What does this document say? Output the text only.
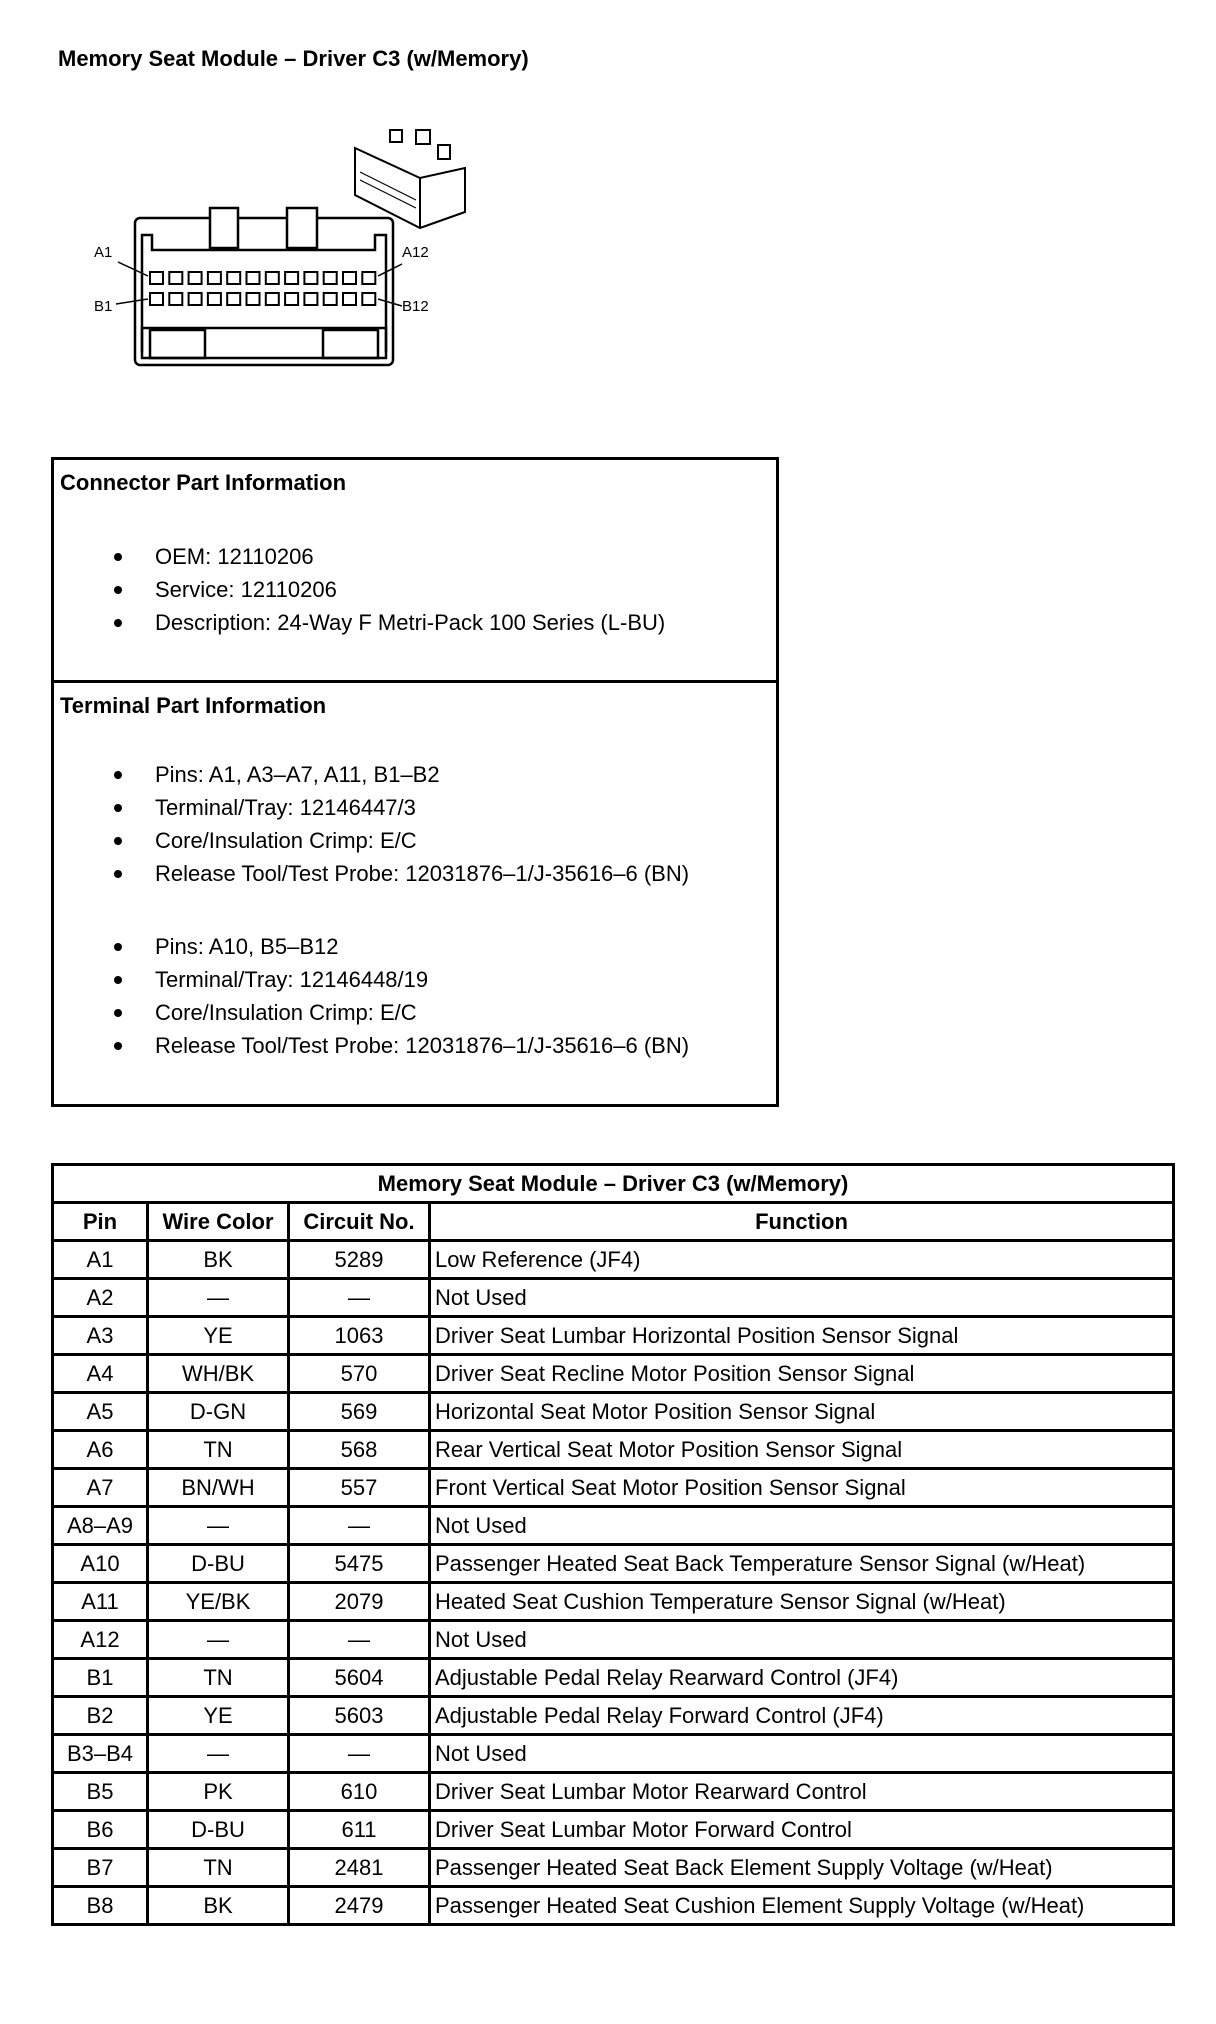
Memory Seat Module – Driver C3 (w/Memory)
A1
B1
A12
B12
Connector Part Information
OEM: 12110206
Service: 12110206
Description: 24-Way F Metri-Pack 100 Series (L-BU)
Terminal Part Information
Pins: A1, A3–A7, A11, B1–B2
Terminal/Tray: 12146447/3
Core/Insulation Crimp: E/C
Release Tool/Test Probe: 12031876–1/J-35616–6 (BN)
Pins: A10, B5–B12
Terminal/Tray: 12146448/19
Core/Insulation Crimp: E/C
Release Tool/Test Probe: 12031876–1/J-35616–6 (BN)
Memory Seat Module – Driver C3 (w/Memory)			
Pin	Wire Color	Circuit No.	Function
A1	BK	5289	Low Reference (JF4)
A2	—	—	Not Used
A3	YE	1063	Driver Seat Lumbar Horizontal Position Sensor Signal
A4	WH/BK	570	Driver Seat Recline Motor Position Sensor Signal
A5	D-GN	569	Horizontal Seat Motor Position Sensor Signal
A6	TN	568	Rear Vertical Seat Motor Position Sensor Signal
A7	BN/WH	557	Front Vertical Seat Motor Position Sensor Signal
A8–A9	—	—	Not Used
A10	D-BU	5475	Passenger Heated Seat Back Temperature Sensor Signal (w/Heat)
A11	YE/BK	2079	Heated Seat Cushion Temperature Sensor Signal (w/Heat)
A12	—	—	Not Used
B1	TN	5604	Adjustable Pedal Relay Rearward Control (JF4)
B2	YE	5603	Adjustable Pedal Relay Forward Control (JF4)
B3–B4	—	—	Not Used
B5	PK	610	Driver Seat Lumbar Motor Rearward Control
B6	D-BU	611	Driver Seat Lumbar Motor Forward Control
B7	TN	2481	Passenger Heated Seat Back Element Supply Voltage (w/Heat)
B8	BK	2479	Passenger Heated Seat Cushion Element Supply Voltage (w/Heat)
